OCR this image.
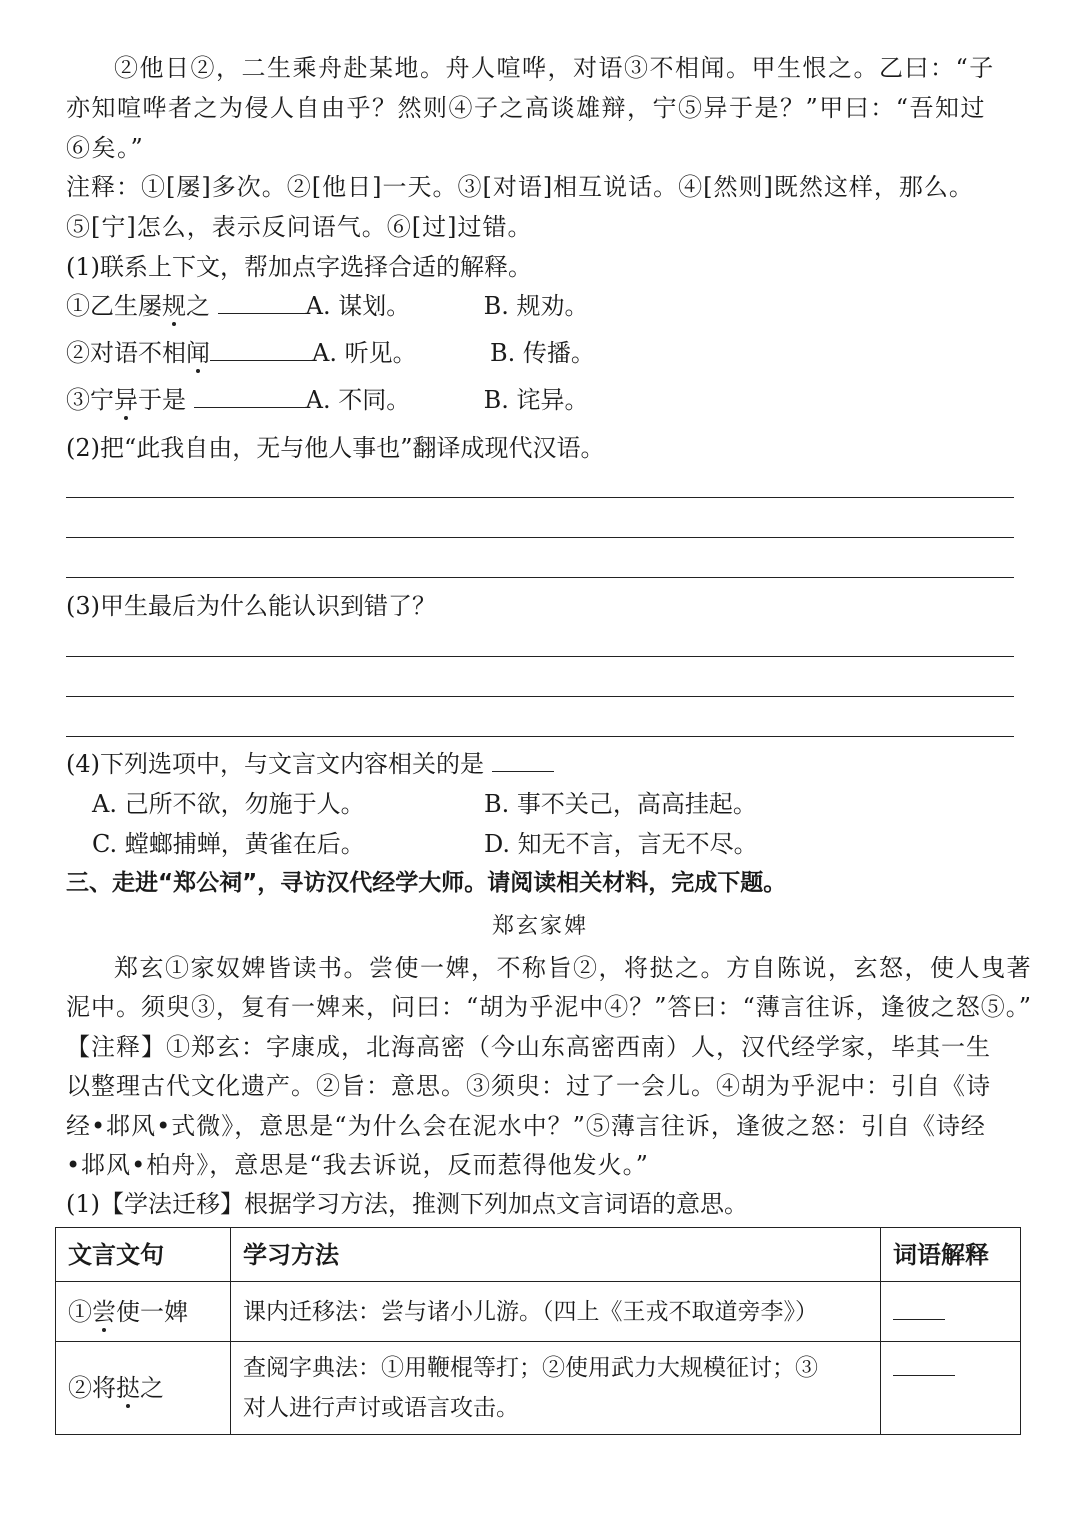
②他日②，二生乘舟赴某地。舟人喧哗，对语③不相闻。甲生恨之。乙曰：“子
亦知喧哗者之为侵人自由乎？然则④子之高谈雄辩，宁⑤异于是？”甲曰：“吾知过
⑥矣。”
注释：①[屡]多次。②[他日]一天。③[对语]相互说话。④[然则]既然这样，那么。
⑤[宁]怎么，表示反问语气。⑥[过]过错。
(1)联系上下文，帮加点字选择合适的解释。
①乙生屡规之	A. 谋划。	B. 规劝。
②对语不相闻	A. 听见。	B. 传播。
③宁异于是	A. 不同。	B. 诧异。
(2)把“此我自由，无与他人事也”翻译成现代汉语。
(3)甲生最后为什么能认识到错了？
(4)下列选项中，与文言文内容相关的是
A. 己所不欲，勿施于人。	B. 事不关己，高高挂起。
C. 螳螂捕蝉，黄雀在后。	D. 知无不言，言无不尽。
三、走进“郑公祠”，寻访汉代经学大师。请阅读相关材料，完成下题。
郑玄家婢
郑玄①家奴婢皆读书。尝使一婢，不称旨②，将挞之。方自陈说，玄怒，使人曳著
泥中。须臾③，复有一婢来，问曰：“胡为乎泥中④？”答曰：“薄言往诉，逢彼之怒⑤。”
【注释】①郑玄：字康成，北海高密（今山东高密西南）人，汉代经学家，毕其一生
以整理古代文化遗产。②旨：意思。③须臾：过了一会儿。④胡为乎泥中：引自《诗
经•邶风•式微》，意思是“为什么会在泥水中？”⑤薄言往诉，逢彼之怒：引自《诗经
•邶风•柏舟》，意思是“我去诉说，反而惹得他发火。”
(1)【学法迁移】根据学习方法，推测下列加点文言词语的意思。
文言文句	学习方法	词语解释
①尝使一婢	课内迁移法：尝与诸小儿游。（四上《王戎不取道旁李》）	
②将挞之	查阅字典法：①用鞭棍等打；②使用武力大规模征讨；③
对人进行声讨或语言攻击。	
